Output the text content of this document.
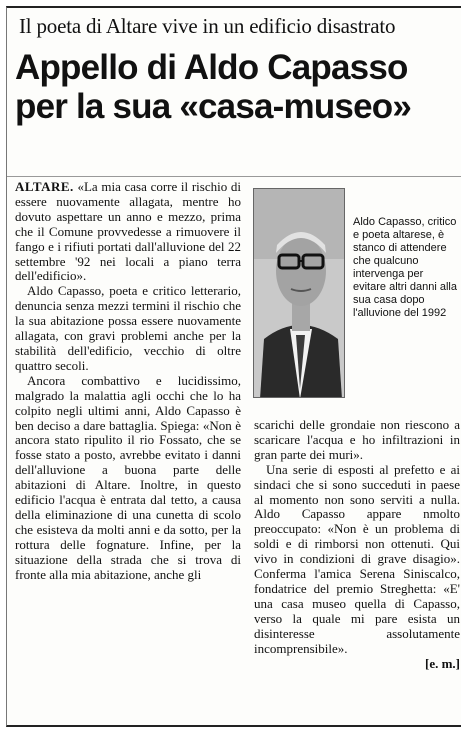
Il poeta di Altare vive in un edificio disastrato
Appello di Aldo Capasso
per la sua «casa-museo»

ALTARE. «La mia casa corre il rischio di essere nuovamente allagata, mentre ho dovuto aspettare un anno e mezzo, prima che il Comune provvedesse a rimuovere il fango e i rifiuti portati dall'alluvione del 22 settembre '92 nei locali a piano terra dell'edificio».

Aldo Capasso, poeta e critico letterario, denuncia senza mezzi termini il rischio che la sua abitazione possa essere nuovamente allagata, con gravi problemi anche per la stabilità dell'edificio, vecchio di oltre quattro secoli.

Ancora combattivo e lucidissimo, malgrado la malattia agli occhi che lo ha colpito negli ultimi anni, Aldo Capasso è ben deciso a dare battaglia. Spiega: «Non è ancora stato ripulito il rio Fossato, che se fosse stato a posto, avrebbe evitato i danni dell'alluvione a buona parte delle abitazioni di Altare. Inoltre, in questo edificio l'acqua è entrata dal tetto, a causa della eliminazione di una cunetta di scolo che esisteva da molti anni e da sotto, per la rottura delle fognature. Infine, per la situazione della strada che si trova di fronte alla mia abitazione, anche gli

Aldo Capasso, critico e poeta altarese, è stanco di attendere che qualcuno intervenga per evitare altri danni alla sua casa dopo l'alluvione del 1992

scarichi delle grondaie non riescono a scaricare l'acqua e ho infiltrazioni in gran parte dei muri».

Una serie di esposti al prefetto e ai sindaci che si sono succeduti in paese al momento non sono serviti a nulla. Aldo Capasso appare nmolto preoccupato: «Non è un problema di soldi e di rimborsi non ottenuti. Qui vivo in condizioni di grave disagio». Conferma l'amica Serena Siniscalco, fondatrice del premio Streghetta: «E' una casa museo quella di Capasso, verso la quale mi pare esista un disinteresse assolutamente incomprensibile».

[e. m.]
